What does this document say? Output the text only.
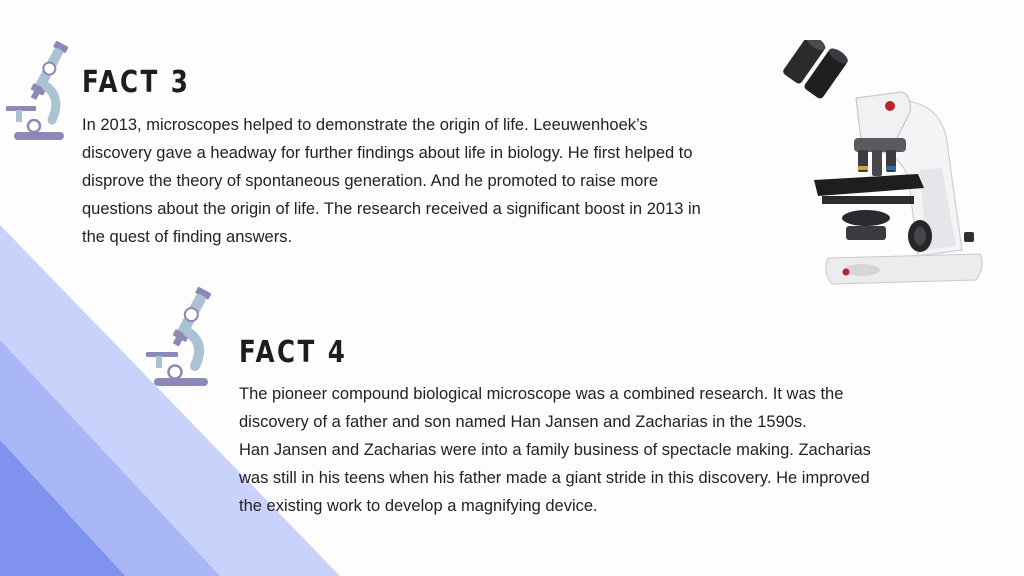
FACT 3
In 2013, microscopes helped to demonstrate the origin of life. Leeuwenhoek’s
discovery gave a headway for further findings about life in biology. He first helped to
disprove the theory of spontaneous generation. And he promoted to raise more
questions about the origin of life. The research received a significant boost in 2013 in
the quest of finding answers.
FACT 4
The pioneer compound biological microscope was a combined research. It was the
discovery of a father and son named Han Jansen and Zacharias in the 1590s.
Han Jansen and Zacharias were into a family business of spectacle making. Zacharias
was still in his teens when his father made a giant stride in this discovery. He improved
the existing work to develop a magnifying device.
